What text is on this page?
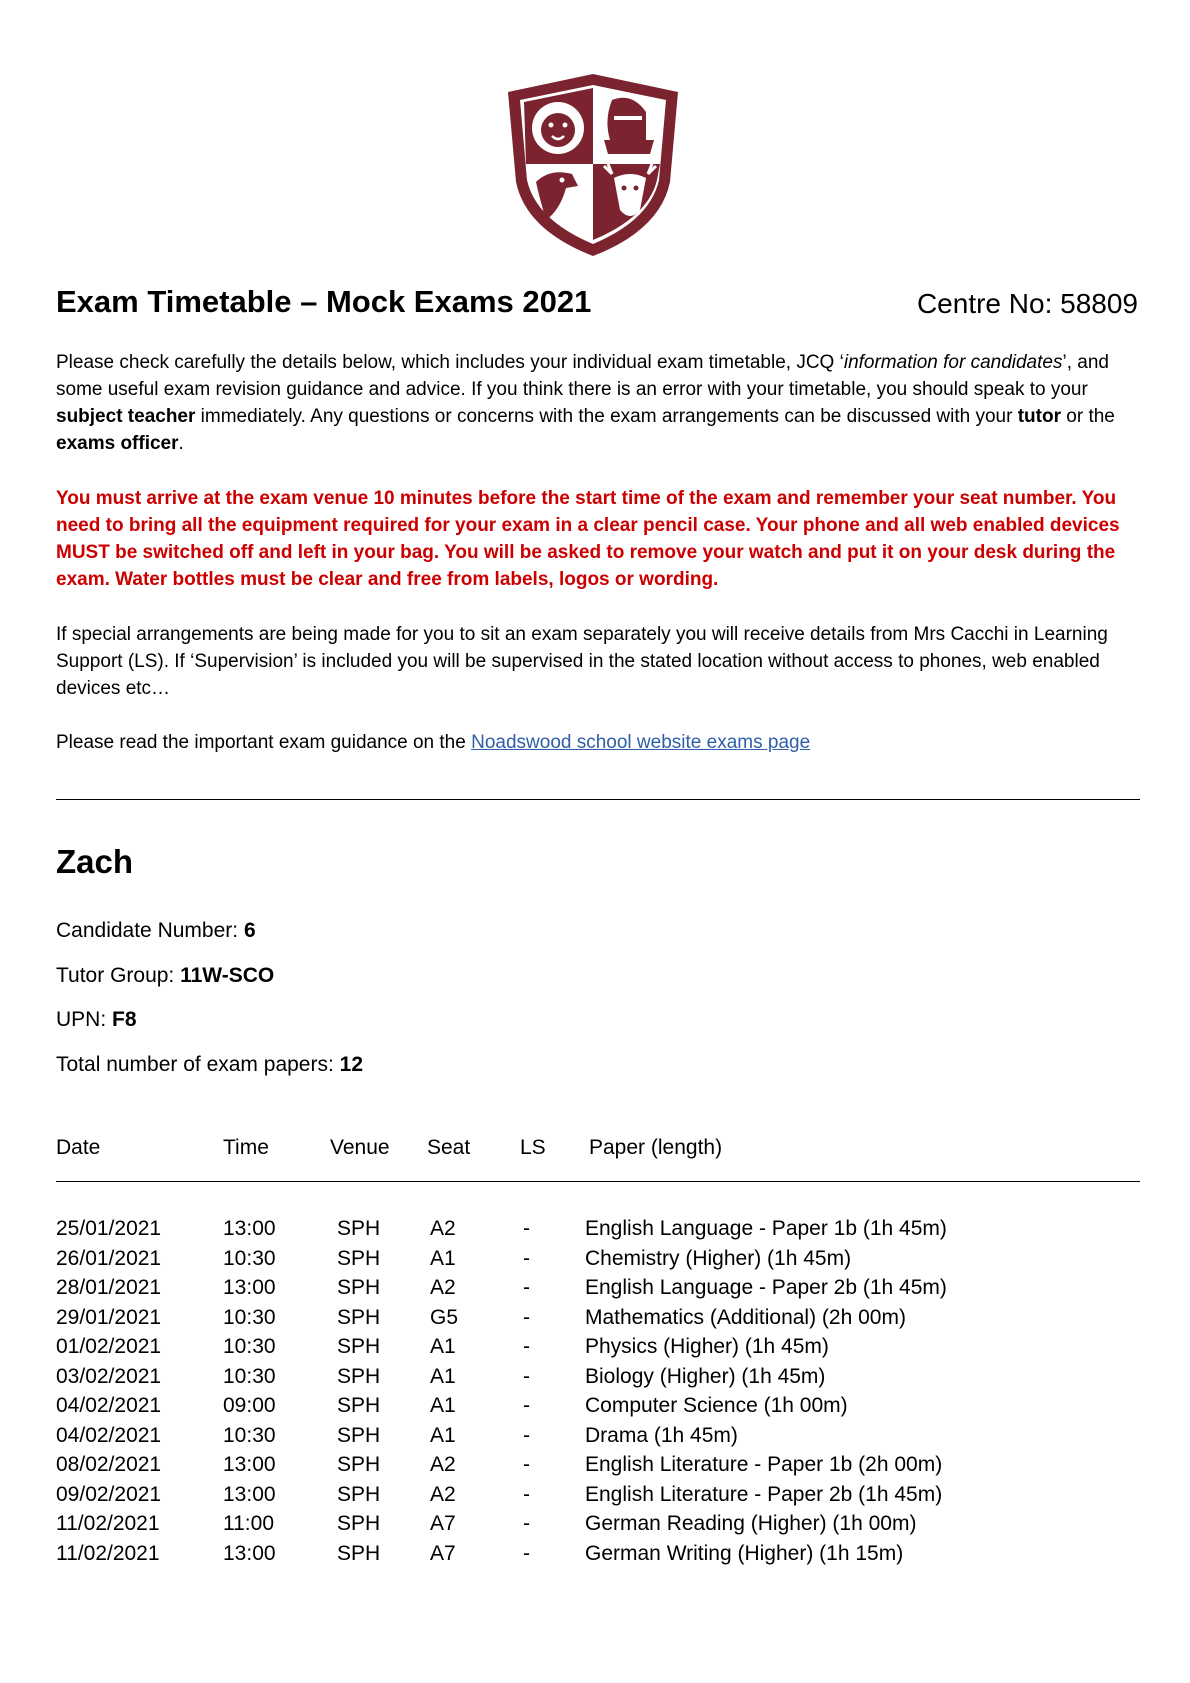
Exam Timetable – Mock Exams 2021	Centre No: 58809
Please check carefully the details below, which includes your individual exam timetable, JCQ ‘information for candidates’, and some useful exam revision guidance and advice. If you think there is an error with your timetable, you should speak to your subject teacher immediately. Any questions or concerns with the exam arrangements can be discussed with your tutor or the exams officer.
You must arrive at the exam venue 10 minutes before the start time of the exam and remember your seat number. You need to bring all the equipment required for your exam in a clear pencil case. Your phone and all web enabled devices MUST be switched off and left in your bag. You will be asked to remove your watch and put it on your desk during the exam. Water bottles must be clear and free from labels, logos or wording.
If special arrangements are being made for you to sit an exam separately you will receive details from Mrs Cacchi in Learning Support (LS). If ‘Supervision’ is included you will be supervised in the stated location without access to phones, web enabled devices etc…
Please read the important exam guidance on the Noadswood school website exams page
Zach
Candidate Number: 6
Tutor Group: 11W-SCO
UPN: F8
Total number of exam papers: 12
Date	Time	Venue Seat LS Paper (length)
25/01/2021	13:00	SPH A2	-	English Language - Paper 1b (1h 45m)
26/01/2021	10:30	SPH A1	-	Chemistry (Higher) (1h 45m)
28/01/2021	13:00	SPH A2	-	English Language - Paper 2b (1h 45m)
29/01/2021	10:30	SPH G5	-	Mathematics (Additional) (2h 00m)
01/02/2021	10:30	SPH A1	-	Physics (Higher) (1h 45m)
03/02/2021	10:30	SPH A1	-	Biology (Higher) (1h 45m)
04/02/2021	09:00	SPH A1	-	Computer Science (1h 00m)
04/02/2021	10:30	SPH A1	-	Drama (1h 45m)
08/02/2021	13:00	SPH A2	-	English Literature - Paper 1b (2h 00m)
09/02/2021	13:00	SPH A2	-	English Literature - Paper 2b (1h 45m)
11/02/2021	11:00	SPH A7	-	German Reading (Higher) (1h 00m)
11/02/2021	13:00	SPH A7	-	German Writing (Higher) (1h 15m)
